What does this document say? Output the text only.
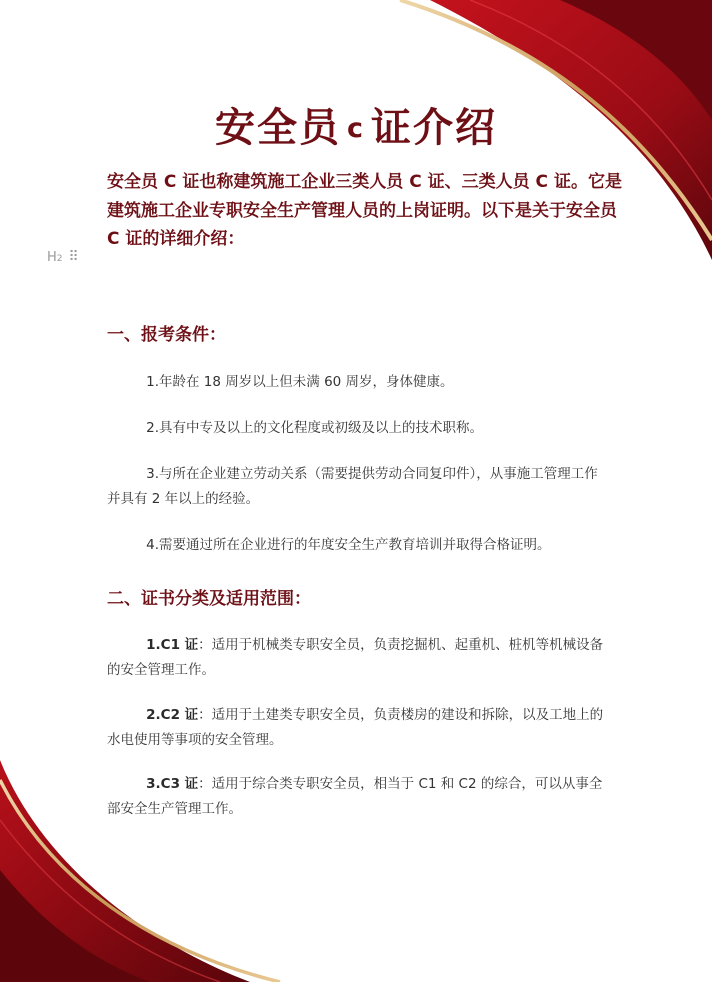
安全员 c 证介绍

安全员 C 证也称建筑施工企业三类人员 C 证、三类人员 C 证。它是建筑施工企业专职安全生产管理人员的上岗证明。以下是关于安全员 C 证的详细介绍：

H2 ⠿
一、报考条件：

1.年龄在 18 周岁以上但未满 60 周岁，身体健康。

2.具有中专及以上的文化程度或初级及以上的技术职称。

3.与所在企业建立劳动关系（需要提供劳动合同复印件），从事施工管理工作并具有 2 年以上的经验。

4.需要通过所在企业进行的年度安全生产教育培训并取得合格证明。

二、证书分类及适用范围：

1.C1 证：适用于机械类专职安全员，负责挖掘机、起重机、桩机等机械设备的安全管理工作。

2.C2 证：适用于土建类专职安全员，负责楼房的建设和拆除，以及工地上的水电使用等事项的安全管理。

3.C3 证：适用于综合类专职安全员，相当于 C1 和 C2 的综合，可以从事全部安全生产管理工作。
